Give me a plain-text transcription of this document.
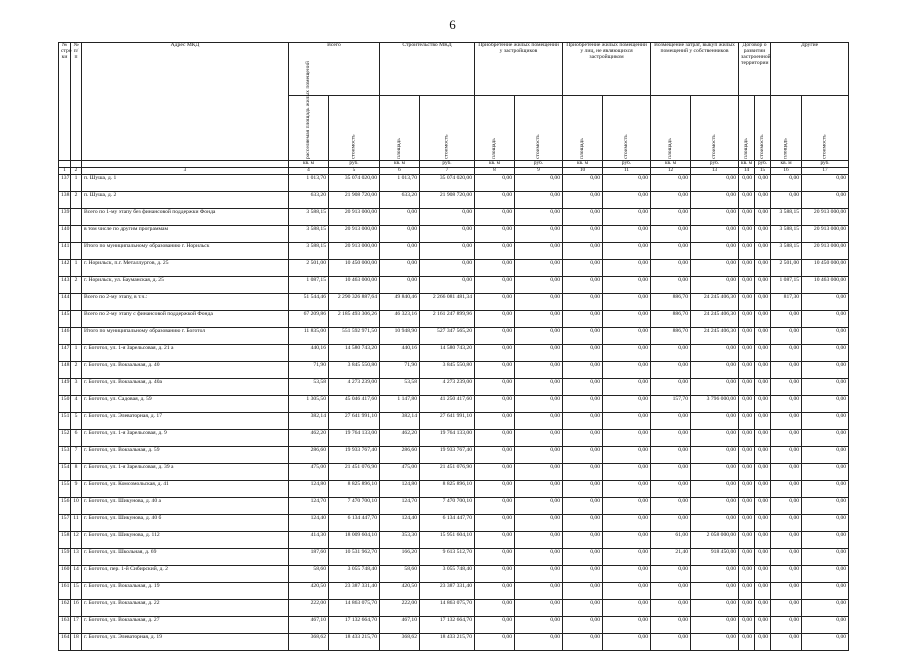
6
№ стро ки	№ п/п	Адрес МКД	Всего		Строительство МКД		Приобретение жилых помещений у застройщиков		Приобретение жилых помещений у лиц, не являющихся застройщиком		Возмещение затрат, выкуп жилых помещений у собственников		Договор о развитии застроенной территории		Другие	
			расселяемая площадь жилых помещений	стоимость	площадь	стоимость	площадь	стоимость	площадь	стоимость	площадь	стоимость	площадь	стоимость	площадь	стоимость
			кв. м	руб.	кв. м	руб.	кв. м	руб.	кв. м	руб.	кв. м	руб.	кв. м	руб.	кв. м	руб.
1	2	3	4	5	6	7	8	9	10	11	12	13	14	15	16	17
137	1	п. Шуша, д. 1	1 013,70	35 074 020,00	1 013,70	35 074 020,00	0,00	0,00	0,00	0,00	0,00	0,00	0,00	0,00	0,00	0,00
138	2	п. Шуша, д. 2	633,20	21 908 720,00	633,20	21 908 720,00	0,00	0,00	0,00	0,00	0,00	0,00	0,00	0,00	0,00	0,00
139		Всего по 1-му этапу без финансовой поддержки Фонда	3 588,15	20 913 000,00	0,00	0,00	0,00	0,00	0,00	0,00	0,00	0,00	0,00	0,00	3 588,15	20 913 000,00
140		в том числе по другим программам	3 588,15	20 913 000,00	0,00	0,00	0,00	0,00	0,00	0,00	0,00	0,00	0,00	0,00	3 588,15	20 913 000,00
141		Итого по муниципальному образованию г. Норильск	3 588,15	20 913 000,00	0,00	0,00	0,00	0,00	0,00	0,00	0,00	0,00	0,00	0,00	3 588,15	20 913 000,00
142	1	г. Норильск, п.г. Металлургов, д. 25	2 501,00	10 450 000,00	0,00	0,00	0,00	0,00	0,00	0,00	0,00	0,00	0,00	0,00	2 501,00	10 450 000,00
143	2	г. Норильск, ул. Бауманская, д. 25	1 087,15	10 463 000,00	0,00	0,00	0,00	0,00	0,00	0,00	0,00	0,00	0,00	0,00	1 087,15	10 463 000,00
144		Всего по 2-му этапу, в т.ч.:	51 544,46	2 290 326 887,64	49 840,46	2 266 081 481,34	0,00	0,00	0,00	0,00	886,70	24 245 406,30	0,00	0,00	817,30	0,00
145		Всего по 2-му этапу с финансовой поддержкой Фонда	67 209,86	2 185 493 306,26	46 323,16	2 161 247 899,96	0,00	0,00	0,00	0,00	886,70	24 245 406,30	0,00	0,00	0,00	0,00
146		Итого по муниципальному образованию г. Боготол	11 835,00	551 592 971,50	10 948,90	527 347 565,20	0,00	0,00	0,00	0,00	886,70	24 245 406,30	0,00	0,00	0,00	0,00
147	1	г. Боготол, ул. 1-я Зарельсовая, д. 21 а	440,16	14 580 743,20	440,16	14 580 743,20	0,00	0,00	0,00	0,00	0,00	0,00	0,00	0,00	0,00	0,00
148	2	г. Боготол, ул. Вокзальная, д. 40	71,90	3 845 550,80	71,90	3 845 550,80	0,00	0,00	0,00	0,00	0,00	0,00	0,00	0,00	0,00	0,00
149	3	г. Боготол, ул. Вокзальная, д. 40а	53,58	4 273 239,00	53,58	4 273 239,00	0,00	0,00	0,00	0,00	0,00	0,00	0,00	0,00	0,00	0,00
150	4	г. Боготол, ул. Садовая, д. 59	1 305,50	45 046 417,60	1 147,80	41 250 417,60	0,00	0,00	0,00	0,00	157,70	3 796 000,00	0,00	0,00	0,00	0,00
151	5	г. Боготол, ул. Элеваторная, д. 17	382,14	27 641 991,10	382,14	27 641 991,10	0,00	0,00	0,00	0,00	0,00	0,00	0,00	0,00	0,00	0,00
152	6	г. Боготол, ул. 1-я Зарельсовая, д. 9	462,20	19 764 133,00	462,20	19 764 133,00	0,00	0,00	0,00	0,00	0,00	0,00	0,00	0,00	0,00	0,00
153	7	г. Боготол, ул. Вокзальная, д. 59	286,60	19 933 767,40	286,60	19 933 767,40	0,00	0,00	0,00	0,00	0,00	0,00	0,00	0,00	0,00	0,00
154	8	г. Боготол, ул. 1-я Зарельсовая, д. 39 а	475,00	21 451 076,90	475,00	21 451 076,90	0,00	0,00	0,00	0,00	0,00	0,00	0,00	0,00	0,00	0,00
155	9	г. Боготол, ул. Комсомольская, д. 41	124,80	8 825 896,10	124,80	8 825 896,10	0,00	0,00	0,00	0,00	0,00	0,00	0,00	0,00	0,00	0,00
156	10	г. Боготол, ул. Шикунова, д. 40 а	124,70	7 470 700,10	124,70	7 470 700,10	0,00	0,00	0,00	0,00	0,00	0,00	0,00	0,00	0,00	0,00
157	11	г. Боготол, ул. Шикунова, д. 40 б	124,40	6 134 447,70	124,40	6 134 447,70	0,00	0,00	0,00	0,00	0,00	0,00	0,00	0,00	0,00	0,00
158	12	г. Боготол, ул. Шикунова, д. 112	414,30	18 009 604,10	353,30	15 951 604,10	0,00	0,00	0,00	0,00	61,00	2 058 000,00	0,00	0,00	0,00	0,00
159	13	г. Боготол, ул. Школьная, д. 69	187,60	10 531 962,70	166,20	9 613 512,70	0,00	0,00	0,00	0,00	21,40	918 450,00	0,00	0,00	0,00	0,00
160	14	г. Боготол, пер. 1-й Сибирский, д. 2	58,60	3 055 748,40	58,60	3 055 748,40	0,00	0,00	0,00	0,00	0,00	0,00	0,00	0,00	0,00	0,00
161	15	г. Боготол, ул. Вокзальная, д. 19	420,50	23 387 331,40	420,50	23 387 331,40	0,00	0,00	0,00	0,00	0,00	0,00	0,00	0,00	0,00	0,00
162	16	г. Боготол, ул. Вокзальная, д. 22	222,00	14 863 075,70	222,00	14 863 075,70	0,00	0,00	0,00	0,00	0,00	0,00	0,00	0,00	0,00	0,00
163	17	г. Боготол, ул. Вокзальная, д. 27	467,10	17 132 664,70	467,10	17 132 664,70	0,00	0,00	0,00	0,00	0,00	0,00	0,00	0,00	0,00	0,00
164	18	г. Боготол, ул. Элеваторная, д. 19	368,62	18 433 215,70	368,62	18 433 215,70	0,00	0,00	0,00	0,00	0,00	0,00	0,00	0,00	0,00	0,00
